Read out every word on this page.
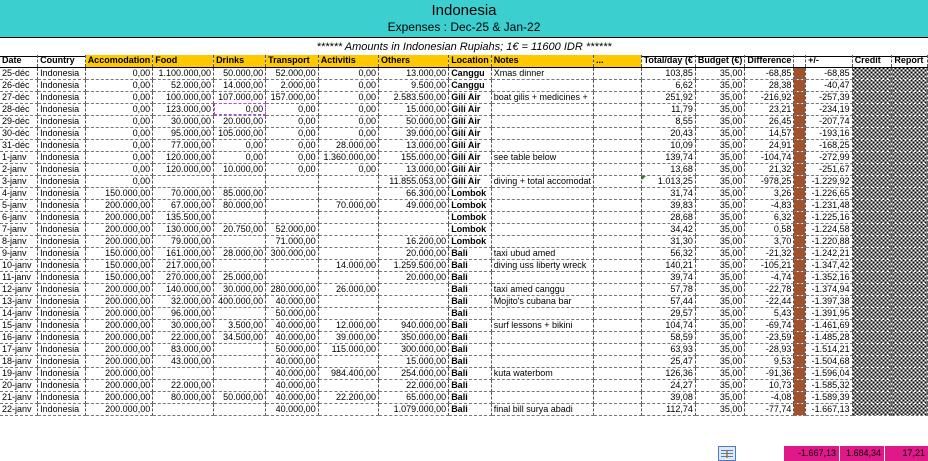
Indonesia
Expenses : Dec-25 & Jan-22
****** Amounts in Indonesian Rupiahs; 1€ = 11600 IDR ******
Date	Country	Accomodation	Food	Drinks	Transport	Activitis	Others	Location	Notes	...	Total/day (€	Budget (€)	Difference		+/-	Credit	Report
25-déc	Indonesia	0,00	1.100.000,00	50.000,00	52.000,00	0,00	13.000,00	Canggu	Xmas dinner		103,85	35,00	-68,85		-68,85		
26-déc	Indonesia	0,00	52.000,00	14.000,00	2.000,00	0,00	9.500,00	Canggu			6,62	35,00	28,38		-40,47		
27-déc	Indonesia	0,00	100.000,00	107.000,00	157.000,00	0,00	2.583.500,00	Gili Air	boat gilis + medicines +		251,92	35,00	-216,92		-257,39		
28-déc	Indonesia	0,00	123.000,00	0,00	0,00	0,00	15.000,00	Gili Air			11,79	35,00	23,21		-234,19		
29-déc	Indonesia	0,00	30.000,00	20.000,00	0,00	0,00	50.000,00	Gili Air			8,55	35,00	26,45		-207,74		
30-déc	Indonesia	0,00	95.000,00	105.000,00	0,00	0,00	39.000,00	Gili Air			20,43	35,00	14,57		-193,16		
31-déc	Indonesia	0,00	77.000,00	0,00	0,00	28.000,00	13.000,00	Gili Air			10,09	35,00	24,91		-168,25		
1-janv	Indonesia	0,00	120.000,00	0,00	0,00	1.360.000,00	155.000,00	Gili Air	see table below		139,74	35,00	-104,74		-272,99		
2-janv	Indonesia	0,00	120.000,00	10.000,00	0,00	0,00	13.000,00	Gili Air			13,68	35,00	21,32		-251,67		
3-janv	Indonesia	0,00					11.855.053,00	Gili Air	diving + total accomodat		1.013,25	35,00	-978,25		-1.229,92		
4-janv	Indonesia	150.000,00	70.000,00	85.000,00			66.300,00	Lombok			31,74	35,00	3,26		-1.226,65		
5-janv	Indonesia	200.000,00	67.000,00	80.000,00		70.000,00	49.000,00	Lombok			39,83	35,00	-4,83		-1.231,48		
6-janv	Indonesia	200.000,00	135.500,00					Lombok			28,68	35,00	6,32		-1.225,16		
7-janv	Indonesia	200.000,00	130.000,00	20.750,00	52.000,00			Lombok			34,42	35,00	0,58		-1.224,58		
8-janv	Indonesia	200.000,00	79.000,00		71.000,00		16.200,00	Lombok			31,30	35,00	3,70		-1.220,88		
9-janv	Indonesia	150.000,00	161.000,00	28.000,00	300.000,00		20.000,00	Bali	taxi ubud amed		56,32	35,00	-21,32		-1.242,21		
10-janv	Indonesia	150.000,00	217.000,00			14.000,00	1.259.500,00	Bali	diving uss liberty wreck		140,21	35,00	-105,21		-1.347,42		
11-janv	Indonesia	150.000,00	270.000,00	25.000,00			20.000,00	Bali			39,74	35,00	-4,74		-1.352,16		
12-janv	Indonesia	200.000,00	140.000,00	30.000,00	280.000,00	26.000,00		Bali	taxi amed canggu		57,78	35,00	-22,78		-1.374,94		
13-janv	Indonesia	200.000,00	32.000,00	400.000,00	40.000,00			Bali	Mojito's cubana bar		57,44	35,00	-22,44		-1.397,38		
14-janv	Indonesia	200.000,00	96.000,00		50.000,00			Bali			29,57	35,00	5,43		-1.391,95		
15-janv	Indonesia	200.000,00	30.000,00	3.500,00	40.000,00	12.000,00	940.000,00	Bali	surf lessons + bikini		104,74	35,00	-69,74		-1.461,69		
16-janv	Indonesia	200.000,00	22.000,00	34.500,00	40.000,00	39.000,00	350.000,00	Bali			58,59	35,00	-23,59		-1.485,28		
17-janv	Indonesia	200.000,00	83.000,00		50.000,00	115.000,00	300.000,00	Bali			63,93	35,00	-28,93		-1.514,21		
18-janv	Indonesia	200.000,00	43.000,00		40.000,00		15.000,00	Bali			25,47	35,00	9,53		-1.504,68		
19-janv	Indonesia	200.000,00			40.000,00	984.400,00	254.000,00	Bali	kuta waterbom		126,36	35,00	-91,36		-1.596,04		
20-janv	Indonesia	200.000,00	22.000,00		40.000,00		22.000,00	Bali			24,27	35,00	10,73		-1.585,32		
21-janv	Indonesia	200.000,00	80.000,00	50.000,00	40.000,00	22.200,00	65.000,00	Bali			39,08	35,00	-4,08		-1.589,39		
22-janv	Indonesia	200.000,00			40.000,00		1.079.000,00	Bali	final bill surya abadi		112,74	35,00	-77,74		-1.667,13		
-1.667,13	1.684,34	17,21
